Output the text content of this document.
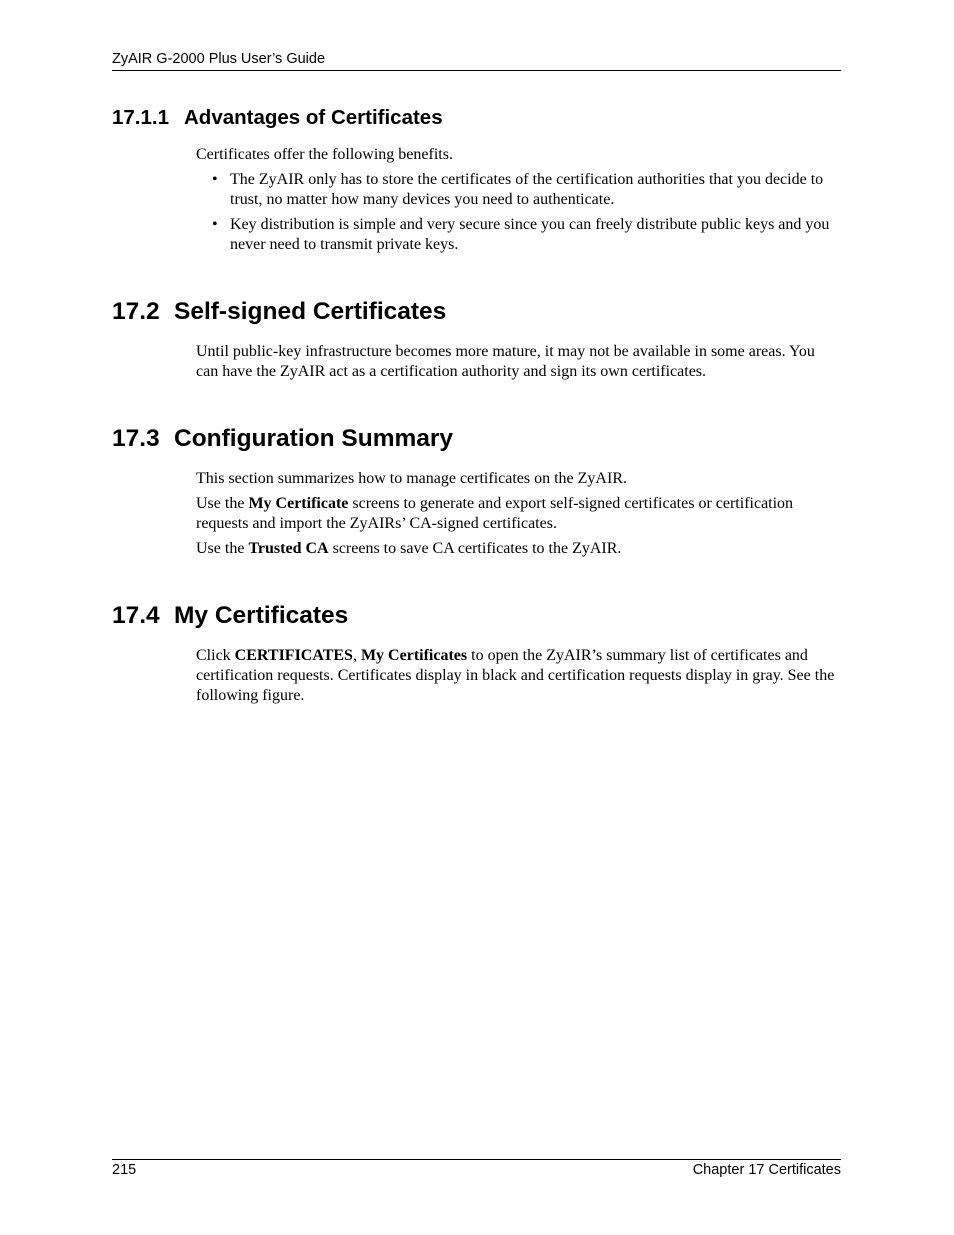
ZyAIR G-2000 Plus User’s Guide
17.1.1 Advantages of Certificates

Certificates offer the following benefits.

• The ZyAIR only has to store the certificates of the certification authorities that you decide to trust, no matter how many devices you need to authenticate.
• Key distribution is simple and very secure since you can freely distribute public keys and you never need to transmit private keys.
17.2 Self-signed Certificates

Until public-key infrastructure becomes more mature, it may not be available in some areas. You can have the ZyAIR act as a certification authority and sign its own certificates.

17.3 Configuration Summary

This section summarizes how to manage certificates on the ZyAIR.

Use the My Certificate screens to generate and export self-signed certificates or certification requests and import the ZyAIRs’ CA-signed certificates.

Use the Trusted CA screens to save CA certificates to the ZyAIR.

17.4 My Certificates

Click CERTIFICATES, My Certificates to open the ZyAIR’s summary list of certificates and certification requests. Certificates display in black and certification requests display in gray. See the following figure.

215	Chapter 17 Certificates
